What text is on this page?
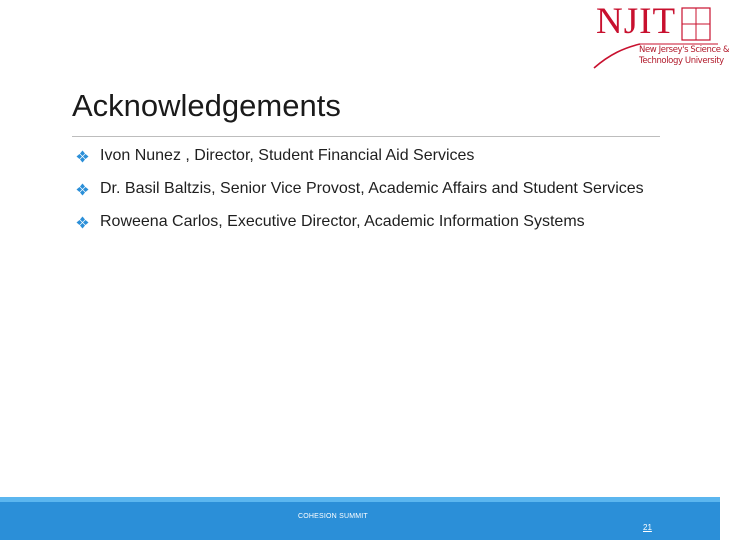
NJIT
New Jersey's Science &
Technology University
Acknowledgements
Ivon Nunez , Director, Student Financial Aid Services
Dr. Basil Baltzis, Senior Vice Provost, Academic Affairs and Student Services
Roweena Carlos, Executive Director, Academic Information Systems
COHESION SUMMIT
21
